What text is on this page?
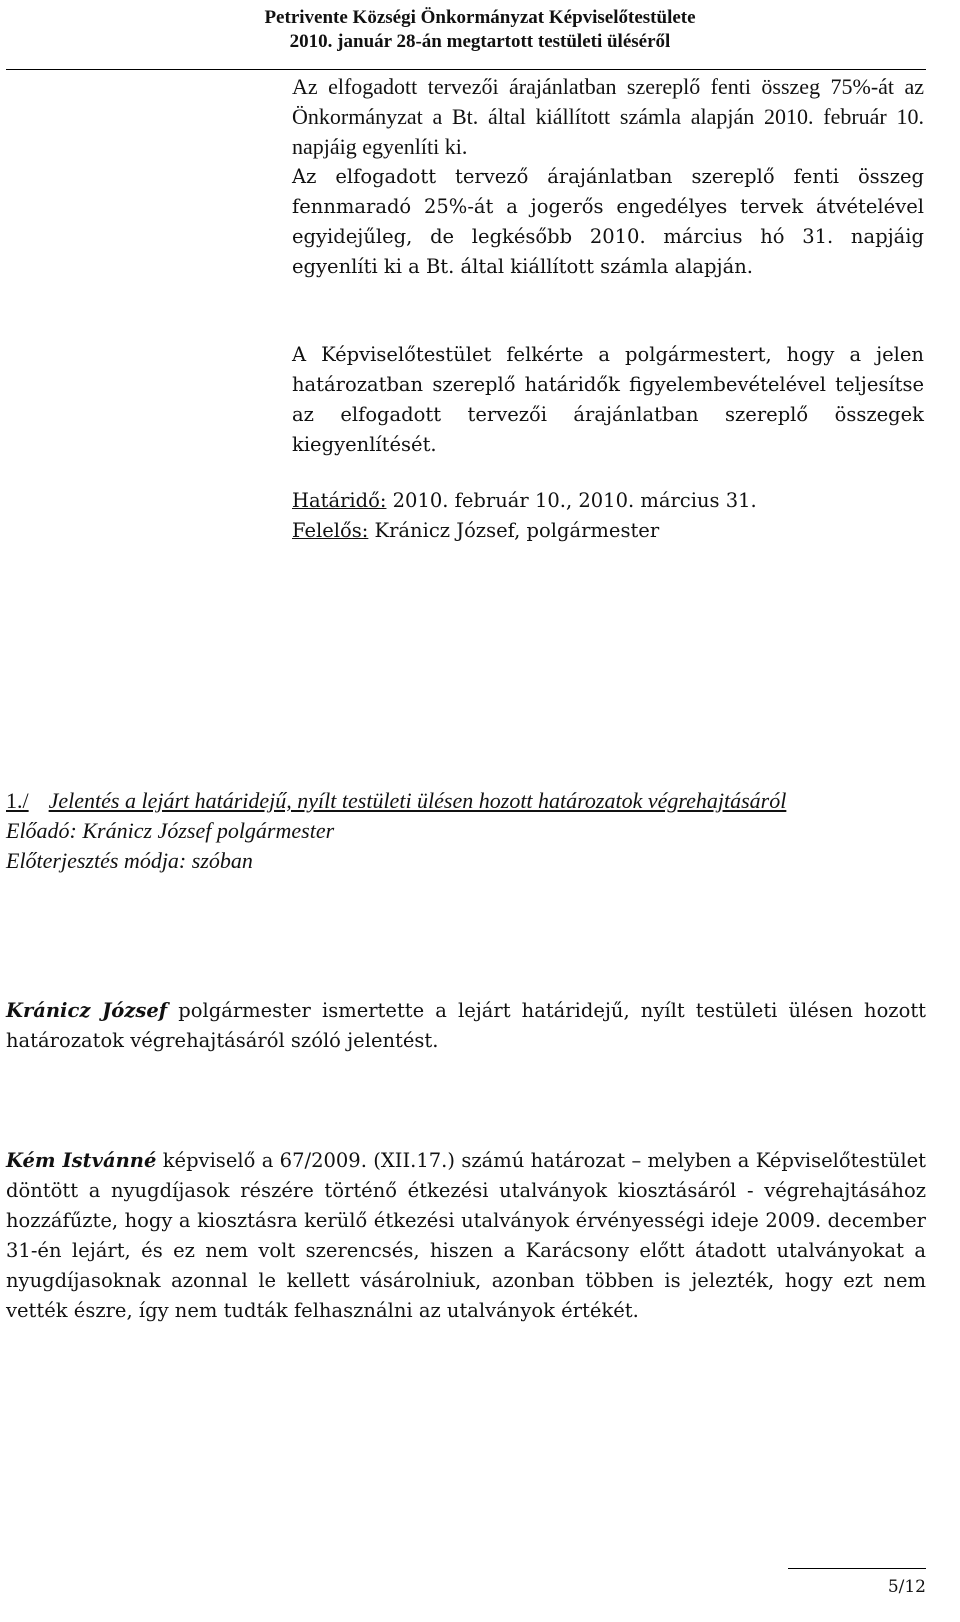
Petrivente Községi Önkormányzat Képviselőtestülete
2010. január 28-án megtartott testületi üléséről
Az elfogadott tervezői árajánlatban szereplő fenti összeg 75%-át az Önkormányzat a Bt. által kiállított számla alapján 2010. február 10. napjáig egyenlíti ki.
Az elfogadott tervező árajánlatban szereplő fenti összeg fennmaradó 25%-át a jogerős engedélyes tervek átvételével egyidejűleg, de legkésőbb 2010. március hó 31. napjáig egyenlíti ki a Bt. által kiállított számla alapján.
A Képviselőtestület felkérte a polgármestert, hogy a jelen határozatban szereplő határidők figyelembevételével teljesítse az elfogadott tervezői árajánlatban szereplő összegek kiegyenlítését.
Határidő: 2010. február 10., 2010. március 31.
Felelős: Kránicz József, polgármester
1./ Jelentés a lejárt határidejű, nyílt testületi ülésen hozott határozatok végrehajtásáról
Előadó: Kránicz József polgármester
Előterjesztés módja: szóban
Kránicz József polgármester ismertette a lejárt határidejű, nyílt testületi ülésen hozott határozatok végrehajtásáról szóló jelentést.
Kém Istvánné képviselő a 67/2009. (XII.17.) számú határozat – melyben a Képviselőtestület döntött a nyugdíjasok részére történő étkezési utalványok kiosztásáról - végrehajtásához hozzáfűzte, hogy a kiosztásra kerülő étkezési utalványok érvényességi ideje 2009. december 31-én lejárt, és ez nem volt szerencsés, hiszen a Karácsony előtt átadott utalványokat a nyugdíjasoknak azonnal le kellett vásárolniuk, azonban többen is jelezték, hogy ezt nem vették észre, így nem tudták felhasználni az utalványok értékét.
5/12
